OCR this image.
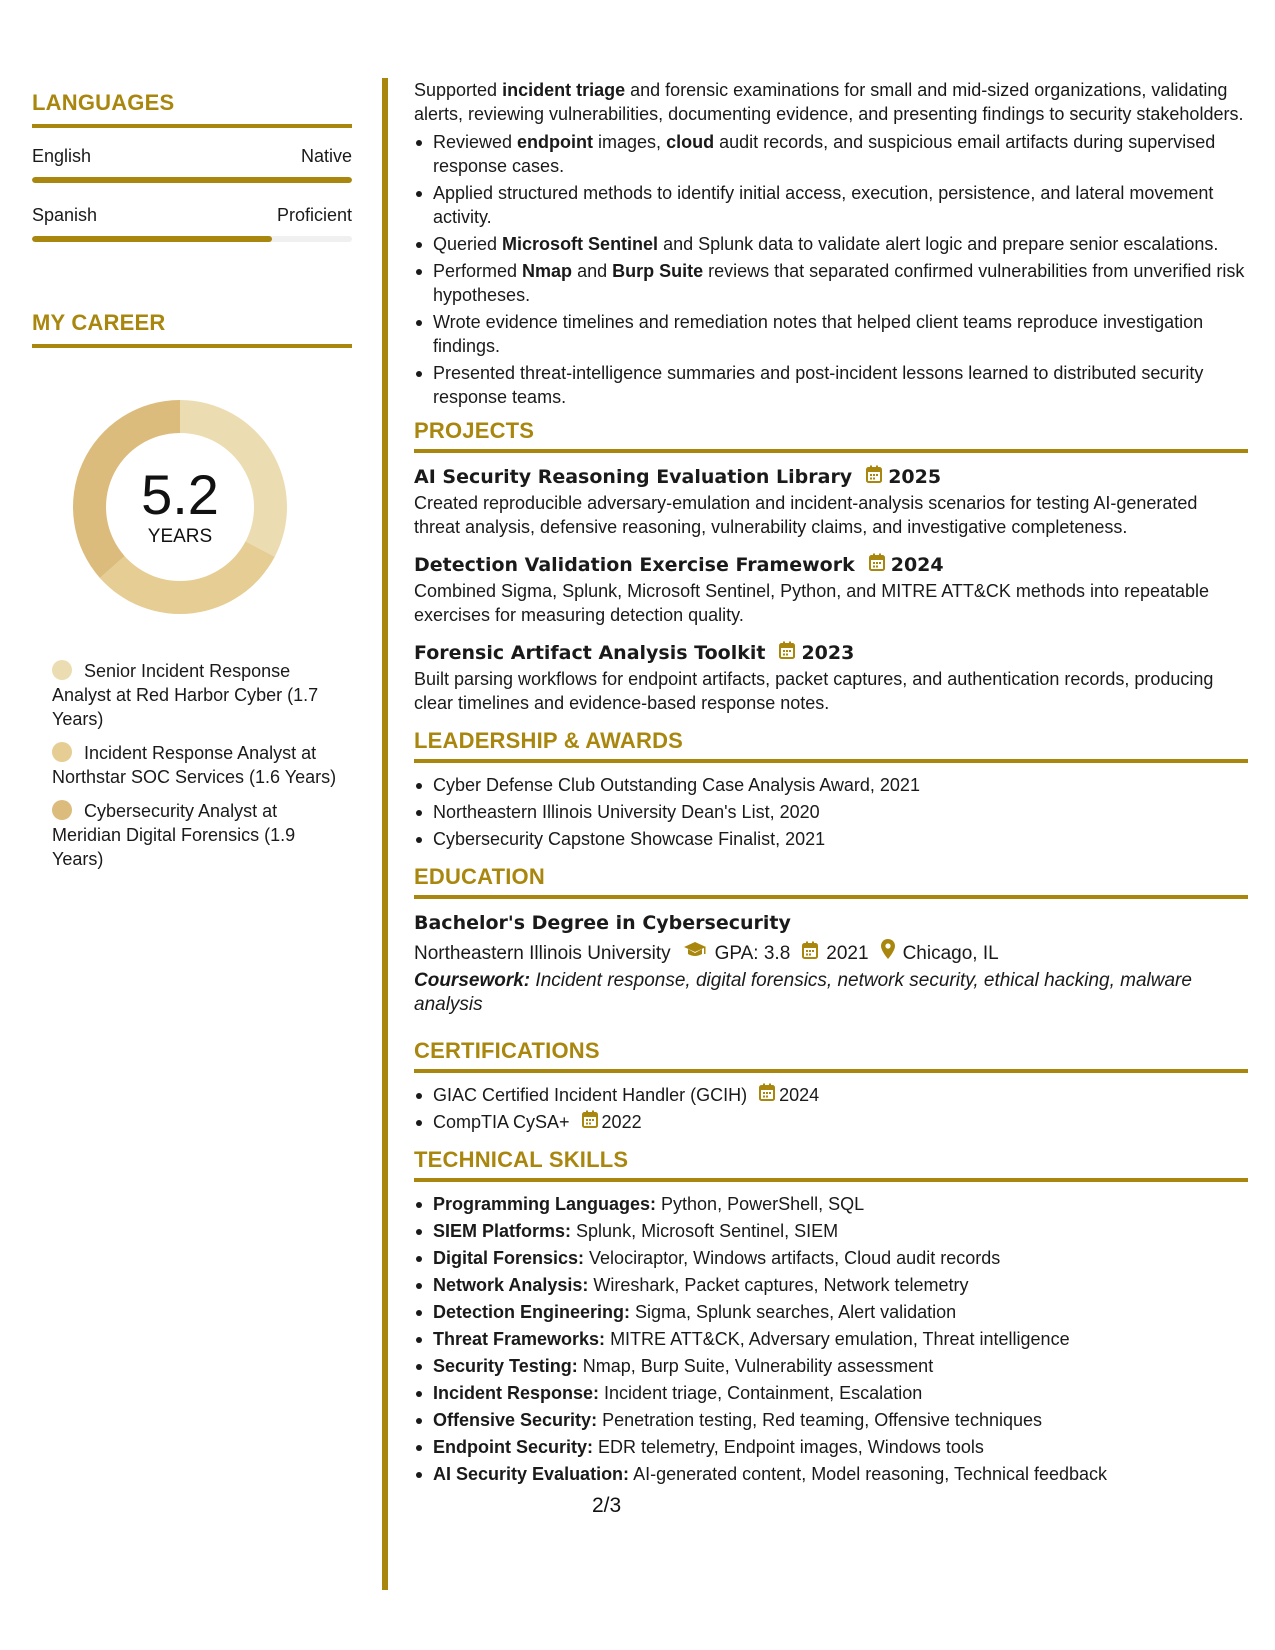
LANGUAGES
English	Native
Spanish	Proficient
MY CAREER
5.2
YEARS
Senior Incident Response Analyst at Red Harbor Cyber (1.7 Years)
Incident Response Analyst at Northstar SOC Services (1.6 Years)
Cybersecurity Analyst at Meridian Digital Forensics (1.9 Years)

Supported incident triage and forensic examinations for small and mid-sized organizations, validating alerts, reviewing vulnerabilities, documenting evidence, and presenting findings to security stakeholders.

Reviewed endpoint images, cloud audit records, and suspicious email artifacts during supervised response cases.
Applied structured methods to identify initial access, execution, persistence, and lateral movement activity.
Queried Microsoft Sentinel and Splunk data to validate alert logic and prepare senior escalations.
Performed Nmap and Burp Suite reviews that separated confirmed vulnerabilities from unverified risk hypotheses.
Wrote evidence timelines and remediation notes that helped client teams reproduce investigation findings.
Presented threat-intelligence summaries and post-incident lessons learned to distributed security response teams.
PROJECTS
AI Security Reasoning Evaluation Library 2025

Created reproducible adversary-emulation and incident-analysis scenarios for testing AI-generated threat analysis, defensive reasoning, vulnerability claims, and investigative completeness.

Detection Validation Exercise Framework 2024

Combined Sigma, Splunk, Microsoft Sentinel, Python, and MITRE ATT&CK methods into repeatable exercises for measuring detection quality.

Forensic Artifact Analysis Toolkit 2023

Built parsing workflows for endpoint artifacts, packet captures, and authentication records, producing clear timelines and evidence-based response notes.

LEADERSHIP & AWARDS
Cyber Defense Club Outstanding Case Analysis Award, 2021
Northeastern Illinois University Dean's List, 2020
Cybersecurity Capstone Showcase Finalist, 2021
EDUCATION
Bachelor's Degree in Cybersecurity
Northeastern Illinois University GPA: 3.8 2021 Chicago, IL

Coursework: Incident response, digital forensics, network security, ethical hacking, malware analysis

CERTIFICATIONS
GIAC Certified Incident Handler (GCIH) 2024
CompTIA CySA+ 2022
TECHNICAL SKILLS
Programming Languages: Python, PowerShell, SQL
SIEM Platforms: Splunk, Microsoft Sentinel, SIEM
Digital Forensics: Velociraptor, Windows artifacts, Cloud audit records
Network Analysis: Wireshark, Packet captures, Network telemetry
Detection Engineering: Sigma, Splunk searches, Alert validation
Threat Frameworks: MITRE ATT&CK, Adversary emulation, Threat intelligence
Security Testing: Nmap, Burp Suite, Vulnerability assessment
Incident Response: Incident triage, Containment, Escalation
Offensive Security: Penetration testing, Red teaming, Offensive techniques
Endpoint Security: EDR telemetry, Endpoint images, Windows tools
AI Security Evaluation: AI-generated content, Model reasoning, Technical feedback
2/3
